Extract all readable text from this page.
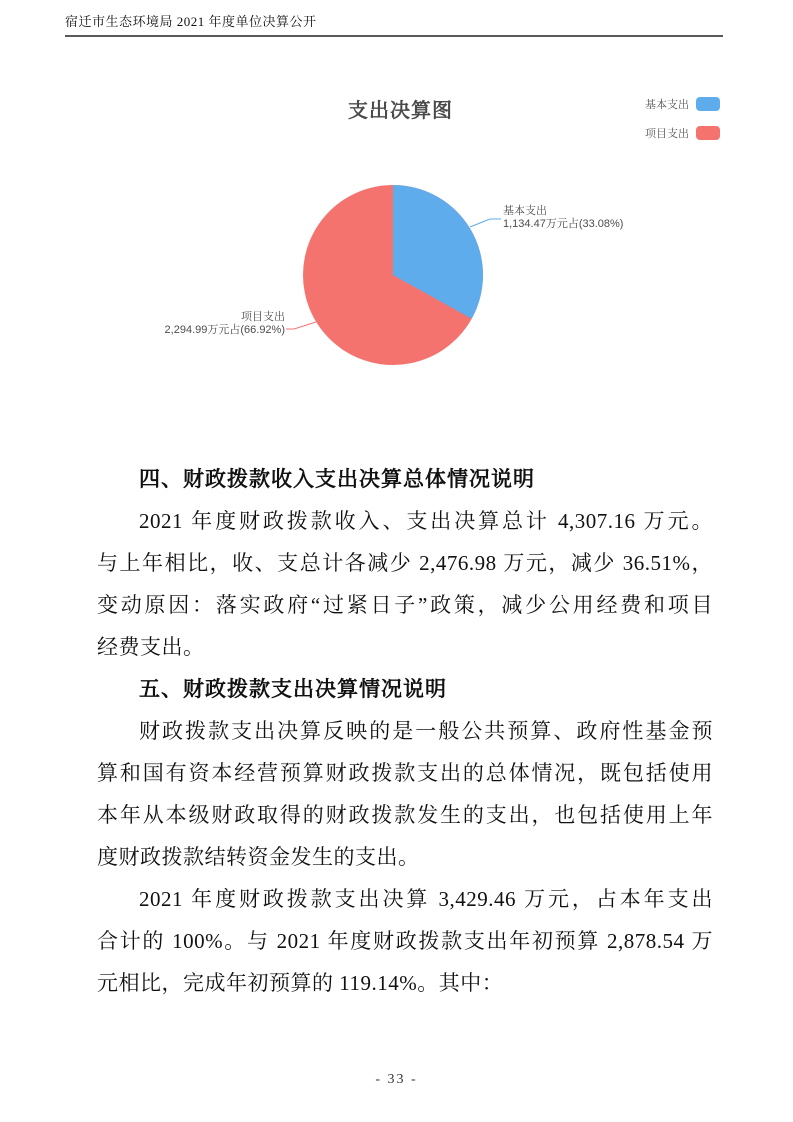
宿迁市生态环境局 2021 年度单位决算公开
支出决算图	基本支出
项目支出
基本支出
1,134.47万元占(33.08%)
项目支出
2,294.99万元占(66.92%)
四、财政拨款收入支出决算总体情况说明
2021 年度财政拨款收入、支出决算总计 4,307.16 万元。
与上年相比，收、支总计各减少 2,476.98 万元，减少 36.51%，
变动原因：落实政府“过紧日子”政策，减少公用经费和项目
经费支出。
五、财政拨款支出决算情况说明
财政拨款支出决算反映的是一般公共预算、政府性基金预
算和国有资本经营预算财政拨款支出的总体情况，既包括使用
本年从本级财政取得的财政拨款发生的支出，也包括使用上年
度财政拨款结转资金发生的支出。
2021 年度财政拨款支出决算 3,429.46 万元，占本年支出
合计的 100%。与 2021 年度财政拨款支出年初预算 2,878.54 万
元相比，完成年初预算的 119.14%。其中：
- 33 -
